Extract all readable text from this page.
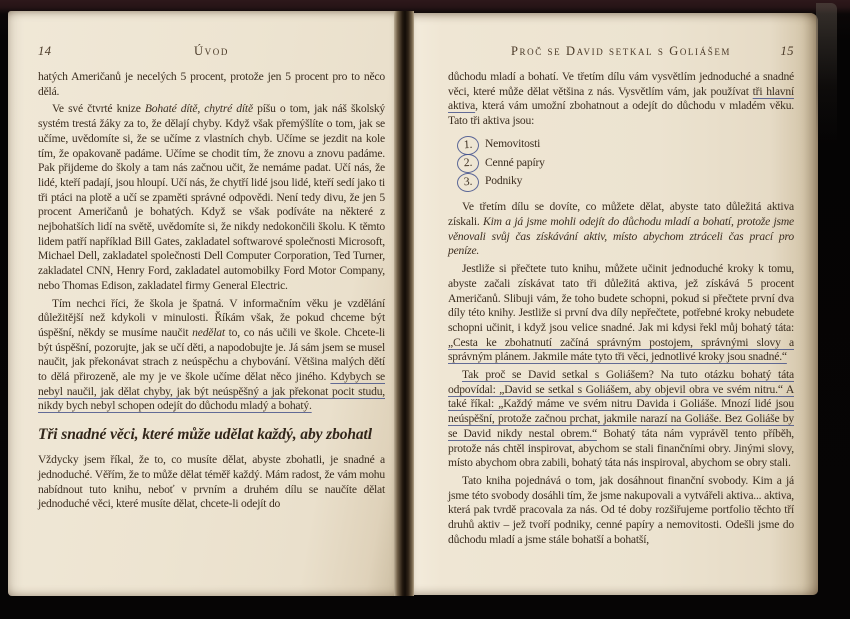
14	Úvod

hatých Američanů je necelých 5 procent, protože jen 5 procent pro to něco dělá.

Ve své čtvrté knize Bohaté dítě, chytré dítě píšu o tom, jak náš školský systém trestá žáky za to, že dělají chyby. Když však přemýšlíte o tom, jak se učíme, uvědomíte si, že se učíme z vlastních chyb. Učíme se jezdit na kole tím, že opakovaně padáme. Učíme se chodit tím, že znovu a znovu padáme. Pak přijdeme do školy a tam nás začnou učit, že nemáme padat. Učí nás, že lidé, kteří padají, jsou hloupí. Učí nás, že chytří lidé jsou lidé, kteří sedí jako ti tři ptáci na plotě a učí se zpaměti správné odpovědi. Není tedy divu, že jen 5 procent Američanů je bohatých. Když se však podíváte na některé z nejbohatších lidí na světě, uvědomíte si, že nikdy nedokončili školu. K těmto lidem patří například Bill Gates, zakladatel softwarové společnosti Microsoft, Michael Dell, zakladatel společnosti Dell Computer Corporation, Ted Turner, zakladatel CNN, Henry Ford, zakladatel automobilky Ford Motor Company, nebo Thomas Edison, zakladatel firmy General Electric.

Tím nechci říci, že škola je špatná. V informačním věku je vzdělání důležitější než kdykoli v minulosti. Říkám však, že pokud chceme být úspěšní, někdy se musíme naučit nedělat to, co nás učili ve škole. Chcete-li být úspěšní, pozorujte, jak se učí děti, a napodobujte je. Já sám jsem se musel naučit, jak překonávat strach z neúspěchu a chybování. Většina malých dětí to dělá přirozeně, ale my je ve škole učíme dělat něco jiného. Kdybych se nebyl naučil, jak dělat chyby, jak být neúspěšný a jak překonat pocit studu, nikdy bych nebyl schopen odejít do důchodu mladý a bohatý.

Tři snadné věci, které může udělat každý, aby zbohatl

Vždycky jsem říkal, že to, co musíte dělat, abyste zbohatli, je snadné a jednoduché. Věřím, že to může dělat téměř každý. Mám radost, že vám mohu nabídnout tuto knihu, neboť v prvním a druhém dílu se naučíte dělat jednoduché věci, které musíte dělat, chcete-li odejít do

Proč se David setkal s Goliášem	15

důchodu mladí a bohatí. Ve třetím dílu vám vysvětlím jednoduché a snadné věci, které může dělat většina z nás. Vysvětlím vám, jak používat tři hlavní aktiva, která vám umožní zbohatnout a odejít do důchodu v mladém věku. Tato tři aktiva jsou:

1.	Nemovitosti
2.	Cenné papíry
3.	Podniky

Ve třetím dílu se dovíte, co můžete dělat, abyste tato důležitá aktiva získali. Kim a já jsme mohli odejít do důchodu mladí a bohatí, protože jsme věnovali svůj čas získávání aktiv, místo abychom ztráceli čas prací pro peníze.

Jestliže si přečtete tuto knihu, můžete učinit jednoduché kroky k tomu, abyste začali získávat tato tři důležitá aktiva, jež získává 5 procent Američanů. Slibuji vám, že toho budete schopni, pokud si přečtete první dva díly této knihy. Jestliže si první dva díly nepřečtete, potřebné kroky nebudete schopni učinit, i když jsou velice snadné. Jak mi kdysi řekl můj bohatý táta: „Cesta ke zbohatnutí začíná správným postojem, správnými slovy a správným plánem. Jakmile máte tyto tři věci, jednotlivé kroky jsou snadné.“

Tak proč se David setkal s Goliášem? Na tuto otázku bohatý táta odpovídal: „David se setkal s Goliášem, aby objevil obra ve svém nitru.“ A také říkal: „Každý máme ve svém nitru Davida i Goliáše. Mnozí lidé jsou neúspěšní, protože začnou prchat, jakmile narazí na Goliáše. Bez Goliáše by se David nikdy nestal obrem.“ Bohatý táta nám vyprávěl tento příběh, protože nás chtěl inspirovat, abychom se stali finančními obry. Jinými slovy, místo abychom obra zabili, bohatý táta nás inspiroval, abychom se obry stali.

Tato kniha pojednává o tom, jak dosáhnout finanční svobody. Kim a já jsme této svobody dosáhli tím, že jsme nakupovali a vytvářeli aktiva... aktiva, která pak tvrdě pracovala za nás. Od té doby rozšiřujeme portfolio těchto tří druhů aktiv – jež tvoří podniky, cenné papíry a nemovitosti. Odešli jsme do důchodu mladí a jsme stále bohatší a bohatší,
